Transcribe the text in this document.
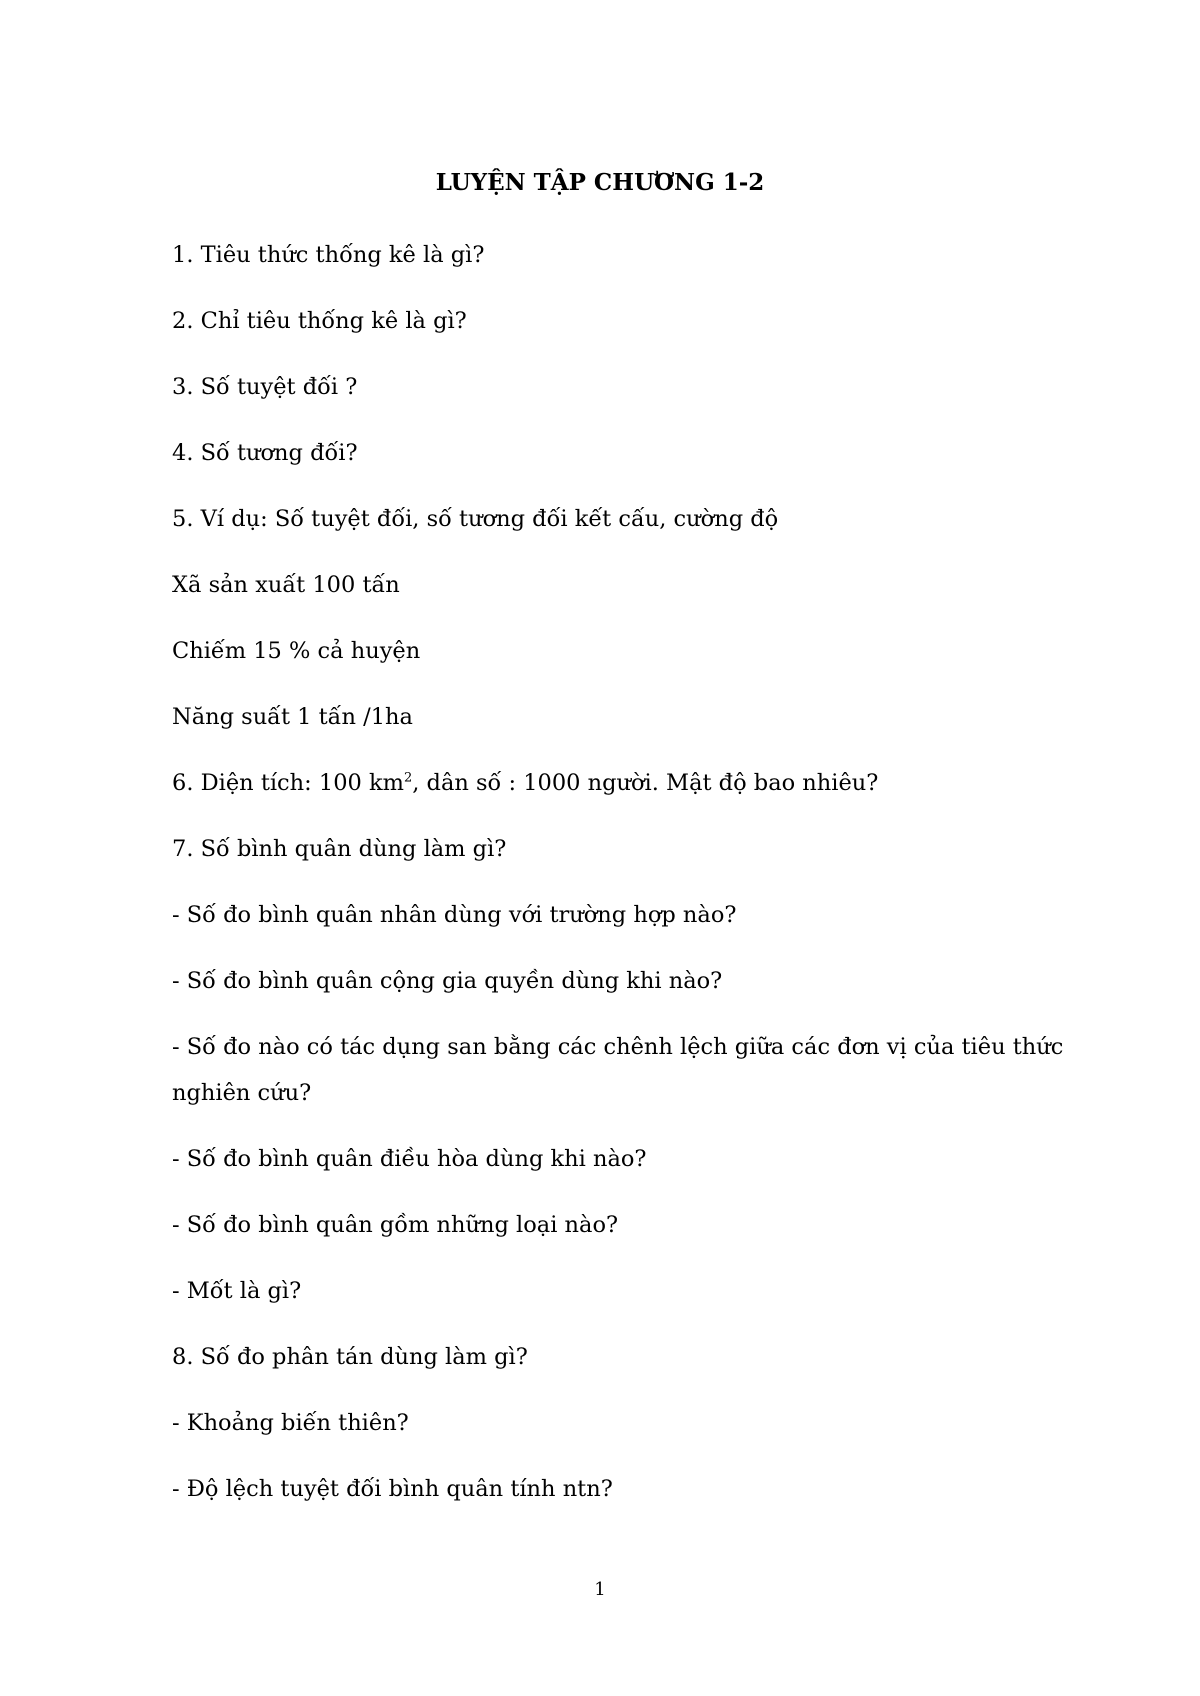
LUYỆN TẬP CHƯƠNG 1-2
1. Tiêu thức thống kê là gì?
2. Chỉ tiêu thống kê là gì?
3. Số tuyệt đối ?
4. Số tương đối?
5. Ví dụ: Số tuyệt đối, số tương đối kết cấu, cường độ
Xã sản xuất 100 tấn
Chiếm 15 % cả huyện
Năng suất 1 tấn /1ha
6. Diện tích: 100 $km^2$, dân số : 1000 người. Mật độ bao nhiêu?
7. Số bình quân dùng làm gì?
- Số đo bình quân nhân dùng với trường hợp nào?
- Số đo bình quân cộng gia quyền dùng khi nào?
- Số đo nào có tác dụng san bằng các chênh lệch giữa các đơn vị của tiêu thức
nghiên cứu?
- Số đo bình quân điều hòa dùng khi nào?
- Số đo bình quân gồm những loại nào?
- Mốt là gì?
8. Số đo phân tán dùng làm gì?
- Khoảng biến thiên?
- Độ lệch tuyệt đối bình quân tính ntn?
1
